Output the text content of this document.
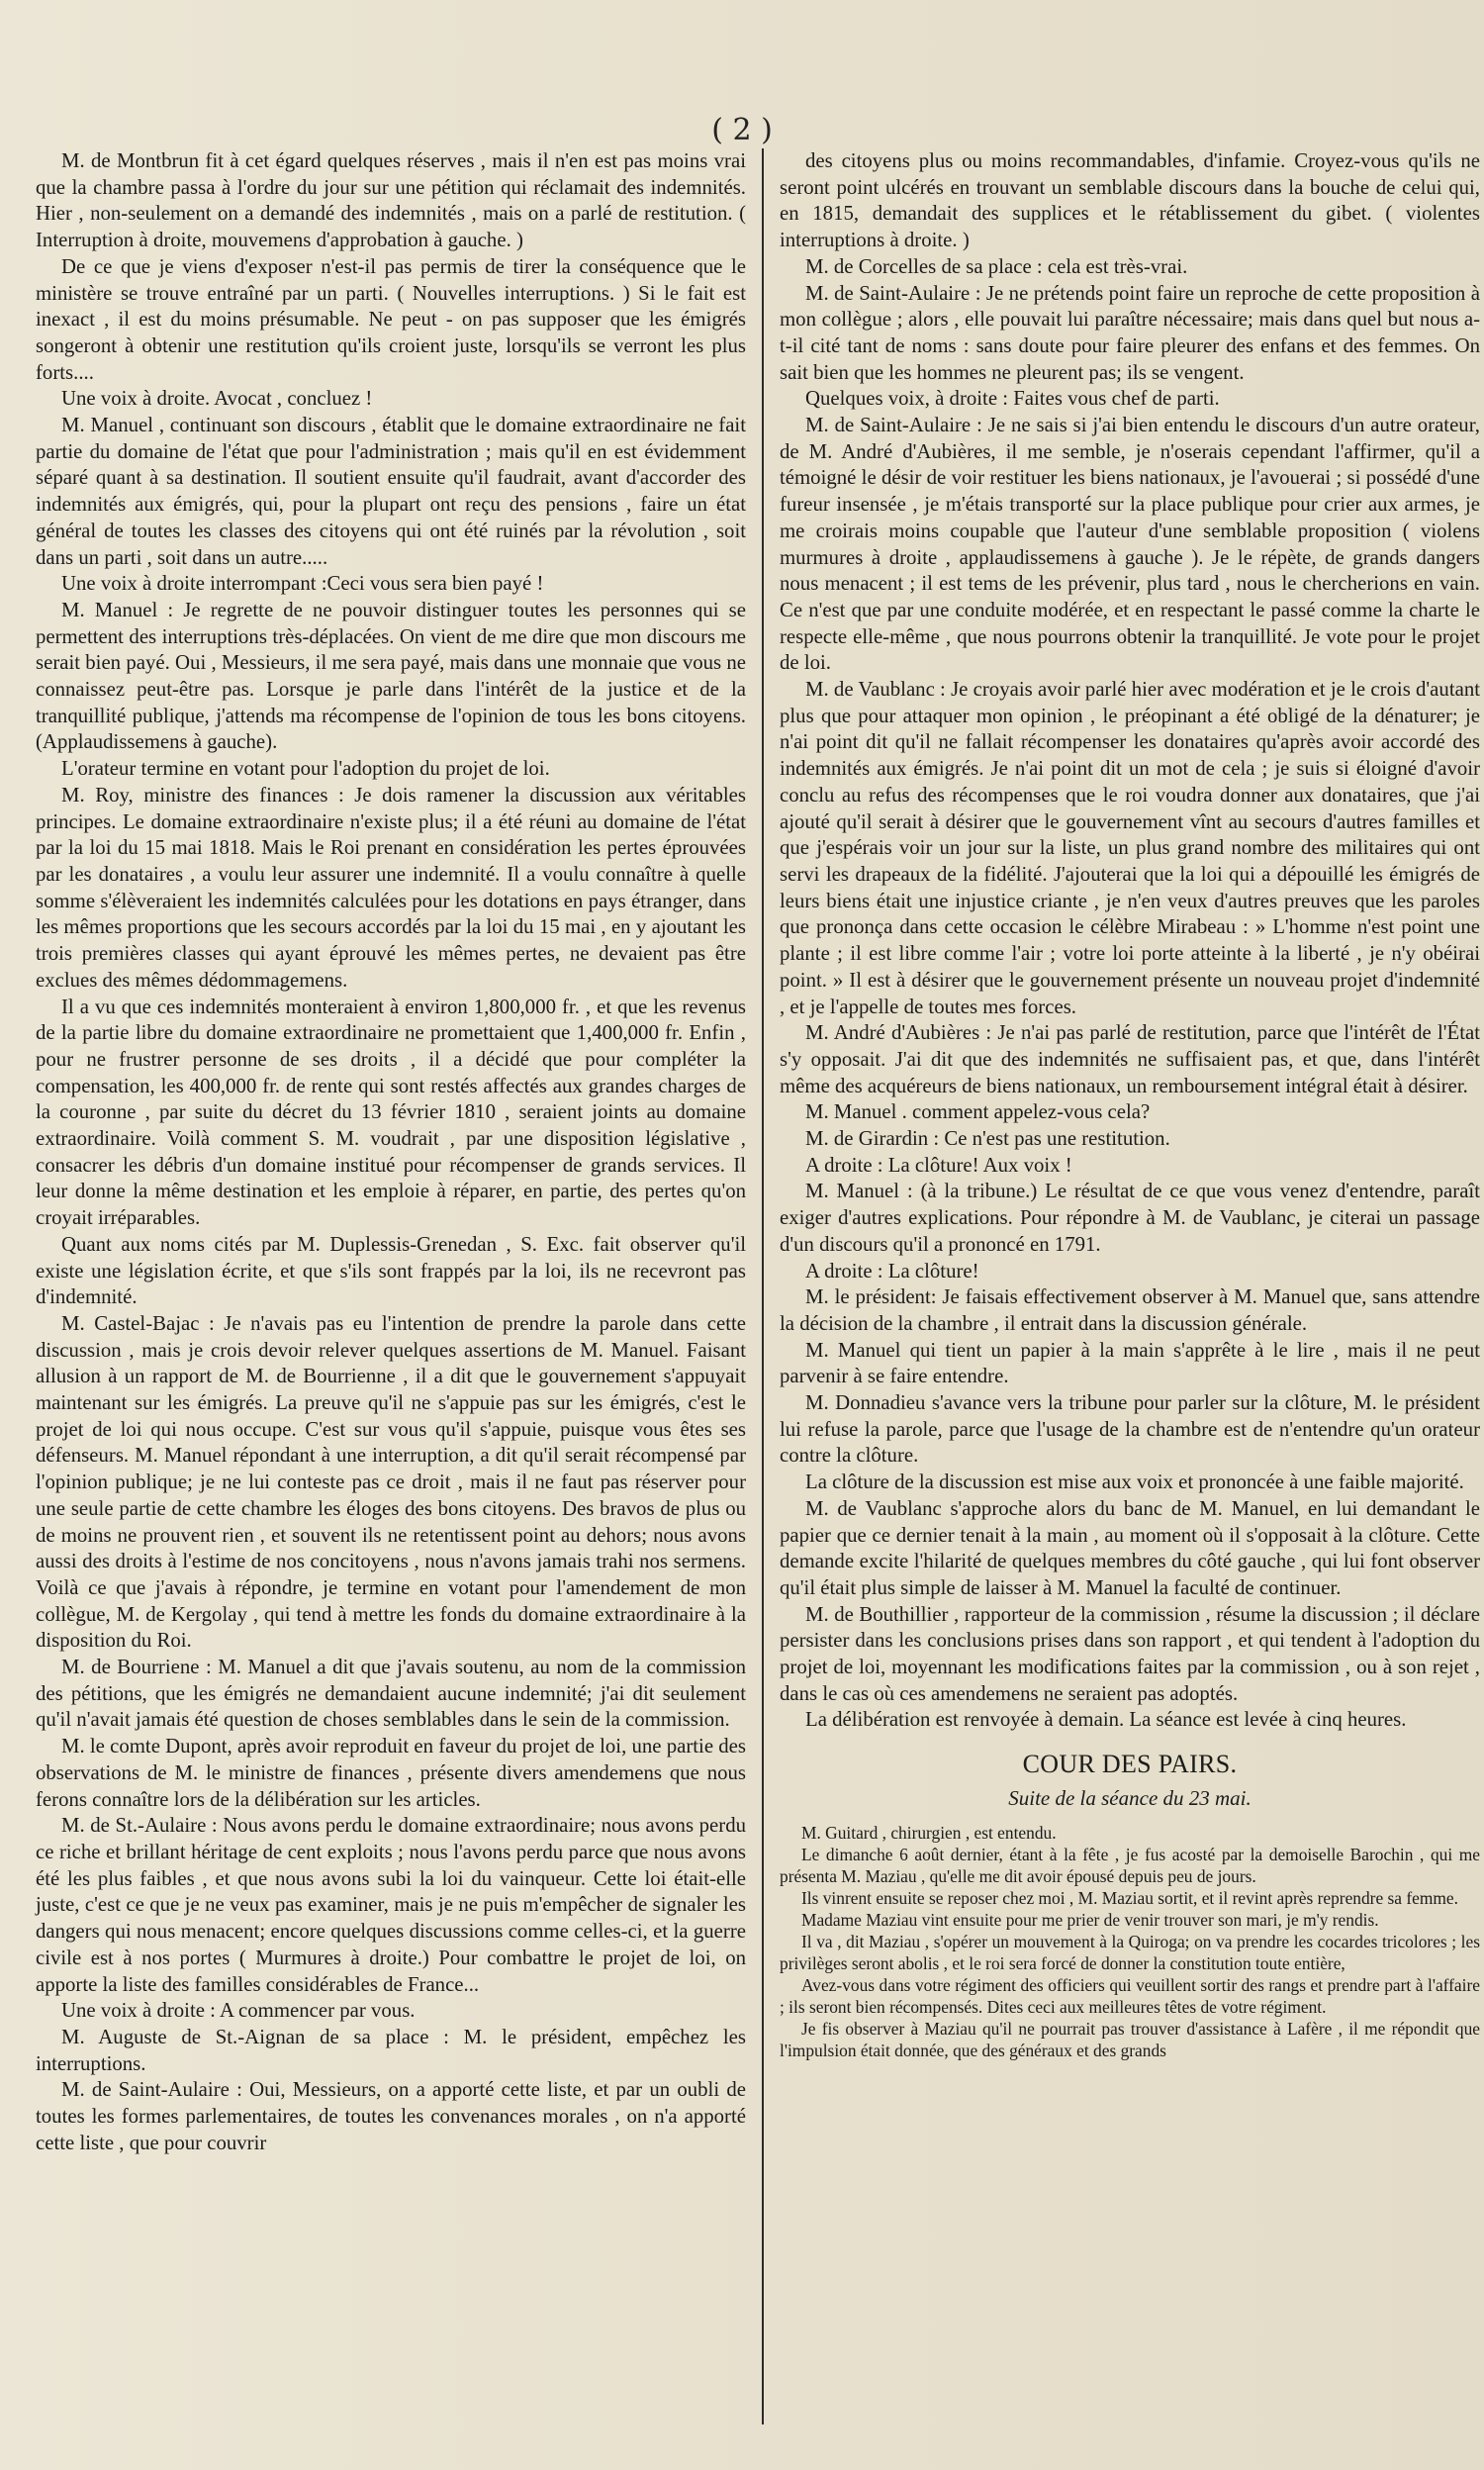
( 2 )

M. de Montbrun fit à cet égard quelques réserves , mais il n'en est pas moins vrai que la chambre passa à l'ordre du jour sur une pétition qui réclamait des indemnités. Hier , non-seulement on a demandé des indemnités , mais on a parlé de restitution. ( Interruption à droite, mouvemens d'approbation à gauche. )

De ce que je viens d'exposer n'est-il pas permis de tirer la conséquence que le ministère se trouve entraîné par un parti. ( Nouvelles interruptions. ) Si le fait est inexact , il est du moins présumable. Ne peut - on pas supposer que les émigrés songeront à obtenir une restitution qu'ils croient juste, lorsqu'ils se verront les plus forts....

Une voix à droite. Avocat , concluez !

M. Manuel , continuant son discours , établit que le domaine extraordinaire ne fait partie du domaine de l'état que pour l'administration ; mais qu'il en est évidemment séparé quant à sa destination. Il soutient ensuite qu'il faudrait, avant d'accorder des indemnités aux émigrés, qui, pour la plupart ont reçu des pensions , faire un état général de toutes les classes des citoyens qui ont été ruinés par la révolution , soit dans un parti , soit dans un autre.....

Une voix à droite interrompant :Ceci vous sera bien payé !

M. Manuel : Je regrette de ne pouvoir distinguer toutes les personnes qui se permettent des interruptions très-déplacées. On vient de me dire que mon discours me serait bien payé. Oui , Messieurs, il me sera payé, mais dans une monnaie que vous ne connaissez peut-être pas. Lorsque je parle dans l'intérêt de la justice et de la tranquillité publique, j'attends ma récompense de l'opinion de tous les bons citoyens. (Applaudissemens à gauche).

L'orateur termine en votant pour l'adoption du projet de loi.

M. Roy, ministre des finances : Je dois ramener la discussion aux véritables principes. Le domaine extraordinaire n'existe plus; il a été réuni au domaine de l'état par la loi du 15 mai 1818. Mais le Roi prenant en considération les pertes éprouvées par les donataires , a voulu leur assurer une indemnité. Il a voulu connaître à quelle somme s'élèveraient les indemnités calculées pour les dotations en pays étranger, dans les mêmes proportions que les secours accordés par la loi du 15 mai , en y ajoutant les trois premières classes qui ayant éprouvé les mêmes pertes, ne devaient pas être exclues des mêmes dédommagemens.

Il a vu que ces indemnités monteraient à environ 1,800,000 fr. , et que les revenus de la partie libre du domaine extraordinaire ne promettaient que 1,400,000 fr. Enfin , pour ne frustrer personne de ses droits , il a décidé que pour compléter la compensation, les 400,000 fr. de rente qui sont restés affectés aux grandes charges de la couronne , par suite du décret du 13 février 1810 , seraient joints au domaine extraordinaire. Voilà comment S. M. voudrait , par une disposition législative , consacrer les débris d'un domaine institué pour récompenser de grands services. Il leur donne la même destination et les emploie à réparer, en partie, des pertes qu'on croyait irréparables.

Quant aux noms cités par M. Duplessis-Grenedan , S. Exc. fait observer qu'il existe une législation écrite, et que s'ils sont frappés par la loi, ils ne recevront pas d'indemnité.

M. Castel-Bajac : Je n'avais pas eu l'intention de prendre la parole dans cette discussion , mais je crois devoir relever quelques assertions de M. Manuel. Faisant allusion à un rapport de M. de Bourrienne , il a dit que le gouvernement s'appuyait maintenant sur les émigrés. La preuve qu'il ne s'appuie pas sur les émigrés, c'est le projet de loi qui nous occupe. C'est sur vous qu'il s'appuie, puisque vous êtes ses défenseurs. M. Manuel répondant à une interruption, a dit qu'il serait récompensé par l'opinion publique; je ne lui conteste pas ce droit , mais il ne faut pas réserver pour une seule partie de cette chambre les éloges des bons citoyens. Des bravos de plus ou de moins ne prouvent rien , et souvent ils ne retentissent point au dehors; nous avons aussi des droits à l'estime de nos concitoyens , nous n'avons jamais trahi nos sermens. Voilà ce que j'avais à répondre, je termine en votant pour l'amendement de mon collègue, M. de Kergolay , qui tend à mettre les fonds du domaine extraordinaire à la disposition du Roi.

M. de Bourriene : M. Manuel a dit que j'avais soutenu, au nom de la commission des pétitions, que les émigrés ne demandaient aucune indemnité; j'ai dit seulement qu'il n'avait jamais été question de choses semblables dans le sein de la commission.

M. le comte Dupont, après avoir reproduit en faveur du projet de loi, une partie des observations de M. le ministre de finances , présente divers amendemens que nous ferons connaître lors de la délibération sur les articles.

M. de St.-Aulaire : Nous avons perdu le domaine extraordinaire; nous avons perdu ce riche et brillant héritage de cent exploits ; nous l'avons perdu parce que nous avons été les plus faibles , et que nous avons subi la loi du vainqueur. Cette loi était-elle juste, c'est ce que je ne veux pas examiner, mais je ne puis m'empêcher de signaler les dangers qui nous menacent; encore quelques discussions comme celles-ci, et la guerre civile est à nos portes ( Murmures à droite.) Pour combattre le projet de loi, on apporte la liste des familles considérables de France...

Une voix à droite : A commencer par vous.

M. Auguste de St.-Aignan de sa place : M. le président, empêchez les interruptions.

M. de Saint-Aulaire : Oui, Messieurs, on a apporté cette liste, et par un oubli de toutes les formes parlementaires, de toutes les convenances morales , on n'a apporté cette liste , que pour couvrir

des citoyens plus ou moins recommandables, d'infamie. Croyez-vous qu'ils ne seront point ulcérés en trouvant un semblable discours dans la bouche de celui qui, en 1815, demandait des supplices et le rétablissement du gibet. ( violentes interruptions à droite. )

M. de Corcelles de sa place : cela est très-vrai.

M. de Saint-Aulaire : Je ne prétends point faire un reproche de cette proposition à mon collègue ; alors , elle pouvait lui paraître nécessaire; mais dans quel but nous a-t-il cité tant de noms : sans doute pour faire pleurer des enfans et des femmes. On sait bien que les hommes ne pleurent pas; ils se vengent.

Quelques voix, à droite : Faites vous chef de parti.

M. de Saint-Aulaire : Je ne sais si j'ai bien entendu le discours d'un autre orateur, de M. André d'Aubières, il me semble, je n'oserais cependant l'affirmer, qu'il a témoigné le désir de voir restituer les biens nationaux, je l'avouerai ; si possédé d'une fureur insensée , je m'étais transporté sur la place publique pour crier aux armes, je me croirais moins coupable que l'auteur d'une semblable proposition ( violens murmures à droite , applaudissemens à gauche ). Je le répète, de grands dangers nous menacent ; il est tems de les prévenir, plus tard , nous le chercherions en vain. Ce n'est que par une conduite modérée, et en respectant le passé comme la charte le respecte elle-même , que nous pourrons obtenir la tranquillité. Je vote pour le projet de loi.

M. de Vaublanc : Je croyais avoir parlé hier avec modération et je le crois d'autant plus que pour attaquer mon opinion , le préopinant a été obligé de la dénaturer; je n'ai point dit qu'il ne fallait récompenser les donataires qu'après avoir accordé des indemnités aux émigrés. Je n'ai point dit un mot de cela ; je suis si éloigné d'avoir conclu au refus des récompenses que le roi voudra donner aux donataires, que j'ai ajouté qu'il serait à désirer que le gouvernement vînt au secours d'autres familles et que j'espérais voir un jour sur la liste, un plus grand nombre des militaires qui ont servi les drapeaux de la fidélité. J'ajouterai que la loi qui a dépouillé les émigrés de leurs biens était une injustice criante , je n'en veux d'autres preuves que les paroles que prononça dans cette occasion le célèbre Mirabeau : » L'homme n'est point une plante ; il est libre comme l'air ; votre loi porte atteinte à la liberté , je n'y obéirai point. » Il est à désirer que le gouvernement présente un nouveau projet d'indemnité , et je l'appelle de toutes mes forces.

M. André d'Aubières : Je n'ai pas parlé de restitution, parce que l'intérêt de l'État s'y opposait. J'ai dit que des indemnités ne suffisaient pas, et que, dans l'intérêt même des acquéreurs de biens nationaux, un remboursement intégral était à désirer.

M. Manuel . comment appelez-vous cela?

M. de Girardin : Ce n'est pas une restitution.

A droite : La clôture! Aux voix !

M. Manuel : (à la tribune.) Le résultat de ce que vous venez d'entendre, paraît exiger d'autres explications. Pour répondre à M. de Vaublanc, je citerai un passage d'un discours qu'il a prononcé en 1791.

A droite : La clôture!

M. le président: Je faisais effectivement observer à M. Manuel que, sans attendre la décision de la chambre , il entrait dans la discussion générale.

M. Manuel qui tient un papier à la main s'apprête à le lire , mais il ne peut parvenir à se faire entendre.

M. Donnadieu s'avance vers la tribune pour parler sur la clôture, M. le président lui refuse la parole, parce que l'usage de la chambre est de n'entendre qu'un orateur contre la clôture.

La clôture de la discussion est mise aux voix et prononcée à une faible majorité.

M. de Vaublanc s'approche alors du banc de M. Manuel, en lui demandant le papier que ce dernier tenait à la main , au moment où il s'opposait à la clôture. Cette demande excite l'hilarité de quelques membres du côté gauche , qui lui font observer qu'il était plus simple de laisser à M. Manuel la faculté de continuer.

M. de Bouthillier , rapporteur de la commission , résume la discussion ; il déclare persister dans les conclusions prises dans son rapport , et qui tendent à l'adoption du projet de loi, moyennant les modifications faites par la commission , ou à son rejet , dans le cas où ces amendemens ne seraient pas adoptés.

La délibération est renvoyée à demain. La séance est levée à cinq heures.

COUR DES PAIRS.

Suite de la séance du 23 mai.

M. Guitard , chirurgien , est entendu.

Le dimanche 6 août dernier, étant à la fête , je fus acosté par la demoiselle Barochin , qui me présenta M. Maziau , qu'elle me dit avoir épousé depuis peu de jours.

Ils vinrent ensuite se reposer chez moi , M. Maziau sortit, et il revint après reprendre sa femme.

Madame Maziau vint ensuite pour me prier de venir trouver son mari, je m'y rendis.

Il va , dit Maziau , s'opérer un mouvement à la Quiroga; on va prendre les cocardes tricolores ; les privilèges seront abolis , et le roi sera forcé de donner la constitution toute entière,

Avez-vous dans votre régiment des officiers qui veuillent sortir des rangs et prendre part à l'affaire ; ils seront bien récompensés. Dites ceci aux meilleures têtes de votre régiment.

Je fis observer à Maziau qu'il ne pourrait pas trouver d'assistance à Lafère , il me répondit que l'impulsion était donnée, que des généraux et des grands
